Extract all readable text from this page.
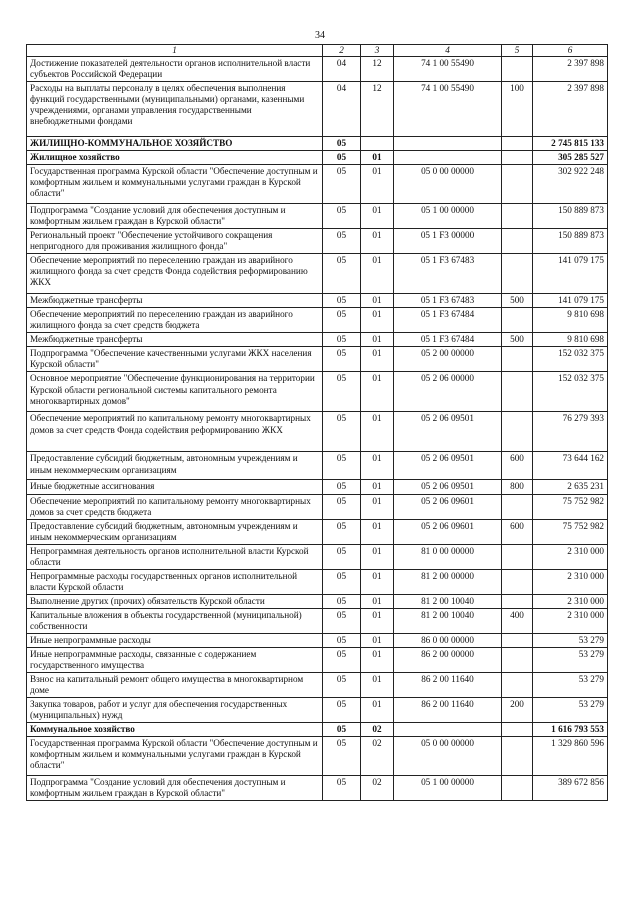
34
1	2	3	4	5	6
Достижение показателей деятельности органов исполнительной власти субъектов Российской Федерации	04	12	74 1 00 55490		2 397 898
Расходы на выплаты персоналу в целях обеспечения выполнения функций государственными (муниципальными) органами, казенными учреждениями, органами управления государственными внебюджетными фондами	04	12	74 1 00 55490	100	2 397 898
ЖИЛИЩНО-КОММУНАЛЬНОЕ ХОЗЯЙСТВО	05				2 745 815 133
Жилищное хозяйство	05	01			305 285 527
Государственная программа Курской области "Обеспечение доступным и комфортным жильем и коммунальными услугами граждан в Курской области"	05	01	05 0 00 00000		302 922 248
Подпрограмма "Создание условий для обеспечения доступным и комфортным жильем граждан в Курской области"	05	01	05 1 00 00000		150 889 873
Региональный проект "Обеспечение устойчивого сокращения непригодного для проживания жилищного фонда"	05	01	05 1 F3 00000		150 889 873
Обеспечение мероприятий по переселению граждан из аварийного жилищного фонда за счет средств Фонда содействия реформированию ЖКХ	05	01	05 1 F3 67483		141 079 175
Межбюджетные трансферты	05	01	05 1 F3 67483	500	141 079 175
Обеспечение мероприятий по переселению граждан из аварийного жилищного фонда за счет средств бюджета	05	01	05 1 F3 67484		9 810 698
Межбюджетные трансферты	05	01	05 1 F3 67484	500	9 810 698
Подпрограмма "Обеспечение качественными услугами ЖКХ населения Курской области"	05	01	05 2 00 00000		152 032 375
Основное мероприятие "Обеспечение функционирования на территории Курской области региональной системы капитального ремонта многоквартирных домов"	05	01	05 2 06 00000		152 032 375
Обеспечение мероприятий по капитальному ремонту многоквартирных домов за счет средств Фонда содействия реформированию ЖКХ	05	01	05 2 06 09501		76 279 393
Предоставление субсидий бюджетным, автономным учреждениям и иным некоммерческим организациям	05	01	05 2 06 09501	600	73 644 162
Иные бюджетные ассигнования	05	01	05 2 06 09501	800	2 635 231
Обеспечение мероприятий по капитальному ремонту многоквартирных домов за счет средств бюджета	05	01	05 2 06 09601		75 752 982
Предоставление субсидий бюджетным, автономным учреждениям и иным некоммерческим организациям	05	01	05 2 06 09601	600	75 752 982
Непрограммная деятельность органов исполнительной власти Курской области	05	01	81 0 00 00000		2 310 000
Непрограммные расходы государственных органов исполнительной власти Курской области	05	01	81 2 00 00000		2 310 000
Выполнение других (прочих) обязательств Курской области	05	01	81 2 00 10040		2 310 000
Капитальные вложения в объекты государственной (муниципальной) собственности	05	01	81 2 00 10040	400	2 310 000
Иные непрограммные расходы	05	01	86 0 00 00000		53 279
Иные непрограммные расходы, связанные с содержанием государственного имущества	05	01	86 2 00 00000		53 279
Взнос на капитальный ремонт общего имущества в многоквартирном доме	05	01	86 2 00 11640		53 279
Закупка товаров, работ и услуг для обеспечения государственных (муниципальных) нужд	05	01	86 2 00 11640	200	53 279
Коммунальное хозяйство	05	02			1 616 793 553
Государственная программа Курской области "Обеспечение доступным и комфортным жильем и коммунальными услугами граждан в Курской области"	05	02	05 0 00 00000		1 329 860 596
Подпрограмма "Создание условий для обеспечения доступным и комфортным жильем граждан в Курской области"	05	02	05 1 00 00000		389 672 856
